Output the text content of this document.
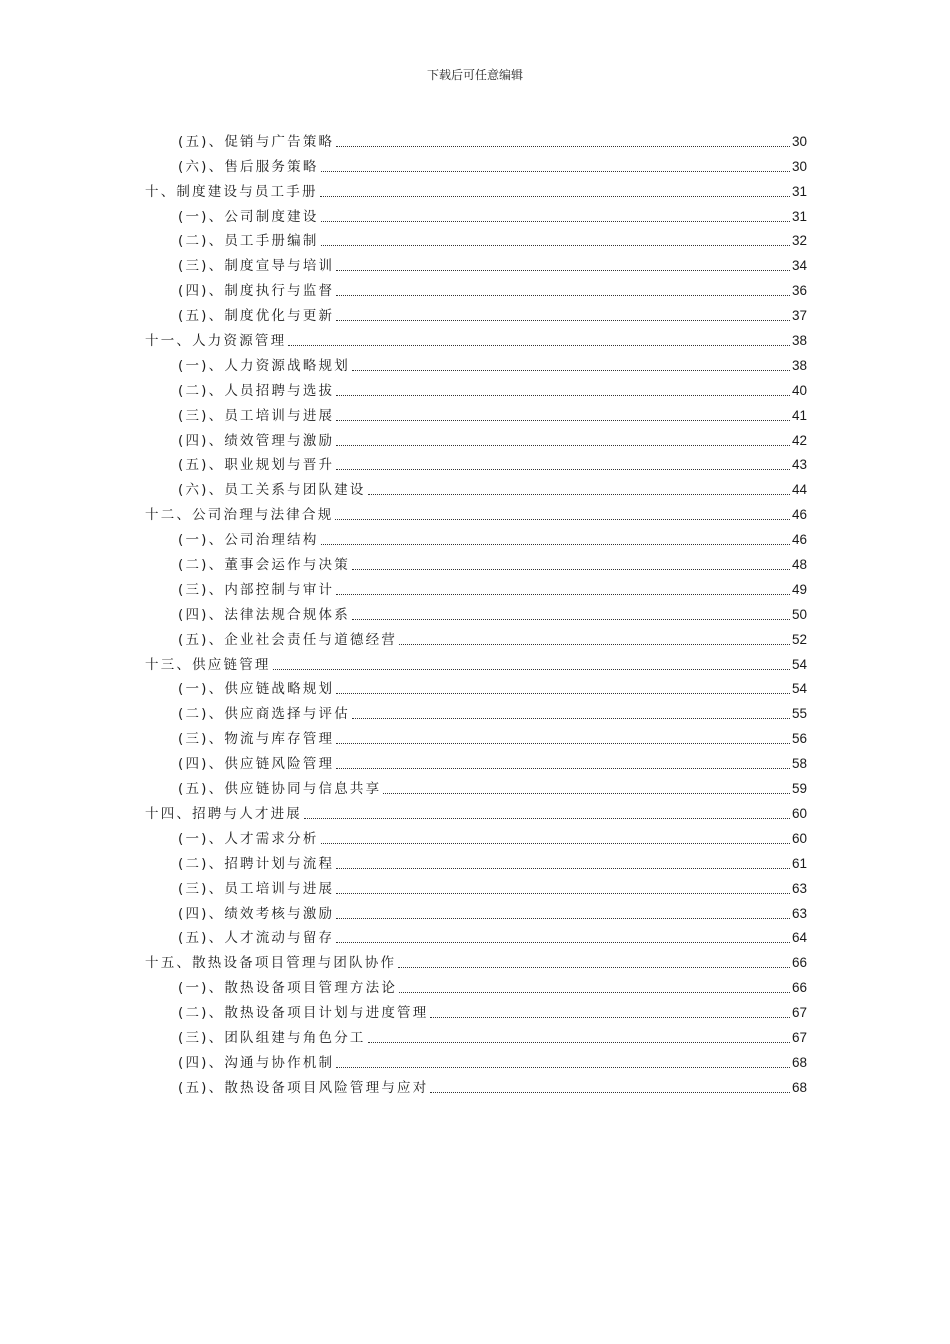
下载后可任意编辑
(五)、促销与广告策略	30
(六)、售后服务策略	30
十、制度建设与员工手册	31
(一)、公司制度建设	31
(二)、员工手册编制	32
(三)、制度宣导与培训	34
(四)、制度执行与监督	36
(五)、制度优化与更新	37
十一、人力资源管理	38
(一)、人力资源战略规划	38
(二)、人员招聘与选拔	40
(三)、员工培训与进展	41
(四)、绩效管理与激励	42
(五)、职业规划与晋升	43
(六)、员工关系与团队建设	44
十二、公司治理与法律合规	46
(一)、公司治理结构	46
(二)、董事会运作与决策	48
(三)、内部控制与审计	49
(四)、法律法规合规体系	50
(五)、企业社会责任与道德经营	52
十三、供应链管理	54
(一)、供应链战略规划	54
(二)、供应商选择与评估	55
(三)、物流与库存管理	56
(四)、供应链风险管理	58
(五)、供应链协同与信息共享	59
十四、招聘与人才进展	60
(一)、人才需求分析	60
(二)、招聘计划与流程	61
(三)、员工培训与进展	63
(四)、绩效考核与激励	63
(五)、人才流动与留存	64
十五、散热设备项目管理与团队协作	66
(一)、散热设备项目管理方法论	66
(二)、散热设备项目计划与进度管理	67
(三)、团队组建与角色分工	67
(四)、沟通与协作机制	68
(五)、散热设备项目风险管理与应对	68
